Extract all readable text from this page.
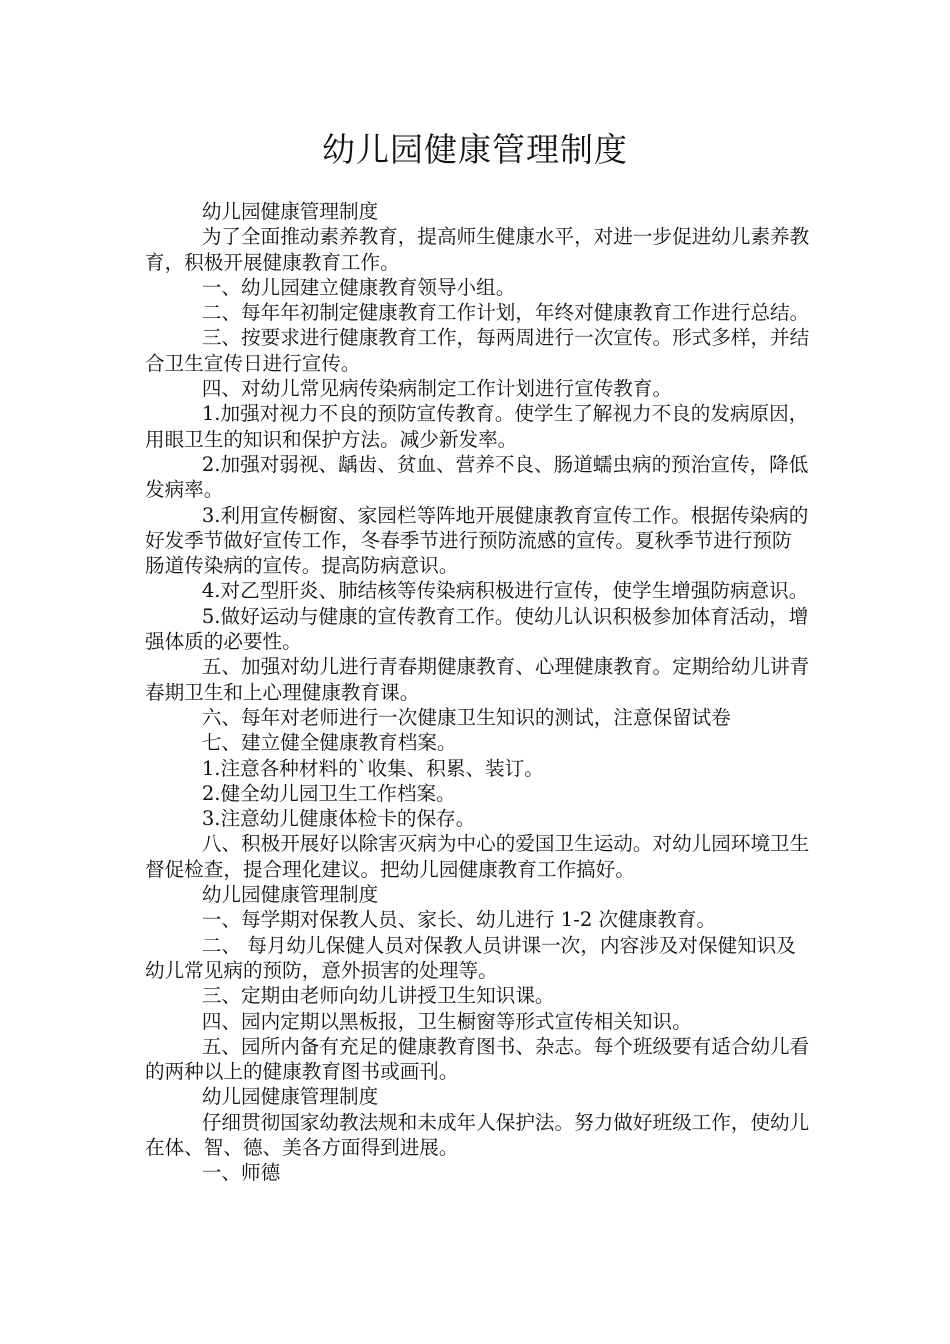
幼儿园健康管理制度

幼儿园健康管理制度

为了全面推动素养教育，提高师生健康水平，对进一步促进幼儿素养教育，积极开展健康教育工作。

一、幼儿园建立健康教育领导小组。

二、每年年初制定健康教育工作计划，年终对健康教育工作进行总结。

三、按要求进行健康教育工作，每两周进行一次宣传。形式多样，并结合卫生宣传日进行宣传。

四、对幼儿常见病传染病制定工作计划进行宣传教育。

1.加强对视力不良的预防宣传教育。使学生了解视力不良的发病原因，用眼卫生的知识和保护方法。减少新发率。

2.加强对弱视、龋齿、贫血、营养不良、肠道蠕虫病的预治宣传，降低发病率。

3.利用宣传橱窗、家园栏等阵地开展健康教育宣传工作。根据传染病的好发季节做好宣传工作，冬春季节进行预防流感的宣传。夏秋季节进行预防肠道传染病的宣传。提高防病意识。

4.对乙型肝炎、肺结核等传染病积极进行宣传，使学生增强防病意识。

5.做好运动与健康的宣传教育工作。使幼儿认识积极参加体育活动，增强体质的必要性。

五、加强对幼儿进行青春期健康教育、心理健康教育。定期给幼儿讲青春期卫生和上心理健康教育课。

六、每年对老师进行一次健康卫生知识的测试，注意保留试卷

七、建立健全健康教育档案。

1.注意各种材料的`收集、积累、装订。

2.健全幼儿园卫生工作档案。

3.注意幼儿健康体检卡的保存。

八、积极开展好以除害灭病为中心的爱国卫生运动。对幼儿园环境卫生督促检查，提合理化建议。把幼儿园健康教育工作搞好。

幼儿园健康管理制度

一、每学期对保教人员、家长、幼儿进行 1-2 次健康教育。

二、 每月幼儿保健人员对保教人员讲课一次，内容涉及对保健知识及幼儿常见病的预防，意外损害的处理等。

三、定期由老师向幼儿讲授卫生知识课。

四、园内定期以黑板报，卫生橱窗等形式宣传相关知识。

五、园所内备有充足的健康教育图书、杂志。每个班级要有适合幼儿看的两种以上的健康教育图书或画刊。

幼儿园健康管理制度

仔细贯彻国家幼教法规和未成年人保护法。努力做好班级工作，使幼儿在体、智、德、美各方面得到进展。

一、师德
